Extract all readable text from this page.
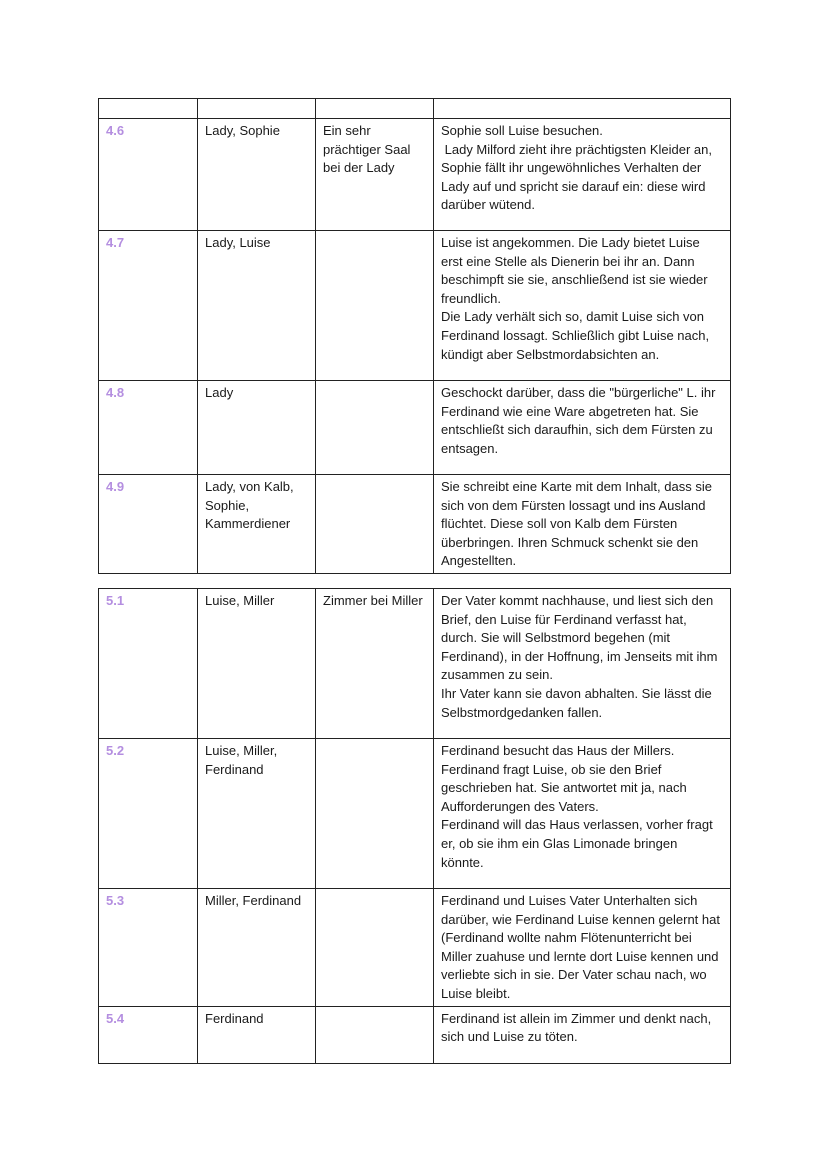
4.6	Lady, Sophie	Ein sehr prächtiger Saal bei der Lady	Sophie soll Luise besuchen.
Lady Milford zieht ihre prächtigsten Kleider an, Sophie fällt ihr ungewöhnliches Verhalten der Lady auf und spricht sie darauf ein: diese wird darüber wütend.

4.7	Lady, Luise		Luise ist angekommen. Die Lady bietet Luise erst eine Stelle als Dienerin bei ihr an. Dann beschimpft sie sie, anschließend ist sie wieder freundlich.
Die Lady verhält sich so, damit Luise sich von Ferdinand lossagt. Schließlich gibt Luise nach, kündigt aber Selbstmordabsichten an.

4.8	Lady		Geschockt darüber, dass die "bürgerliche" L. ihr Ferdinand wie eine Ware abgetreten hat. Sie entschließt sich daraufhin, sich dem Fürsten zu entsagen.

4.9	Lady, von Kalb, Sophie, Kammerdiener		Sie schreibt eine Karte mit dem Inhalt, dass sie sich von dem Fürsten lossagt und ins Ausland flüchtet. Diese soll von Kalb dem Fürsten überbringen. Ihren Schmuck schenkt sie den Angestellten.
5.1	Luise, Miller	Zimmer bei Miller	Der Vater kommt nachhause, und liest sich den Brief, den Luise für Ferdinand verfasst hat, durch. Sie will Selbstmord begehen (mit Ferdinand), in der Hoffnung, im Jenseits mit ihm zusammen zu sein.
Ihr Vater kann sie davon abhalten. Sie lässt die Selbstmordgedanken fallen.

5.2	Luise, Miller, Ferdinand		Ferdinand besucht das Haus der Millers. Ferdinand fragt Luise, ob sie den Brief geschrieben hat. Sie antwortet mit ja, nach Aufforderungen des Vaters.
Ferdinand will das Haus verlassen, vorher fragt er, ob sie ihm ein Glas Limonade bringen könnte.

5.3	Miller, Ferdinand		Ferdinand und Luises Vater Unterhalten sich darüber, wie Ferdinand Luise kennen gelernt hat (Ferdinand wollte nahm Flötenunterricht bei Miller zuahuse und lernte dort Luise kennen und verliebte sich in sie. Der Vater schau nach, wo Luise bleibt.

5.4	Ferdinand		Ferdinand ist allein im Zimmer und denkt nach, sich und Luise zu töten.
